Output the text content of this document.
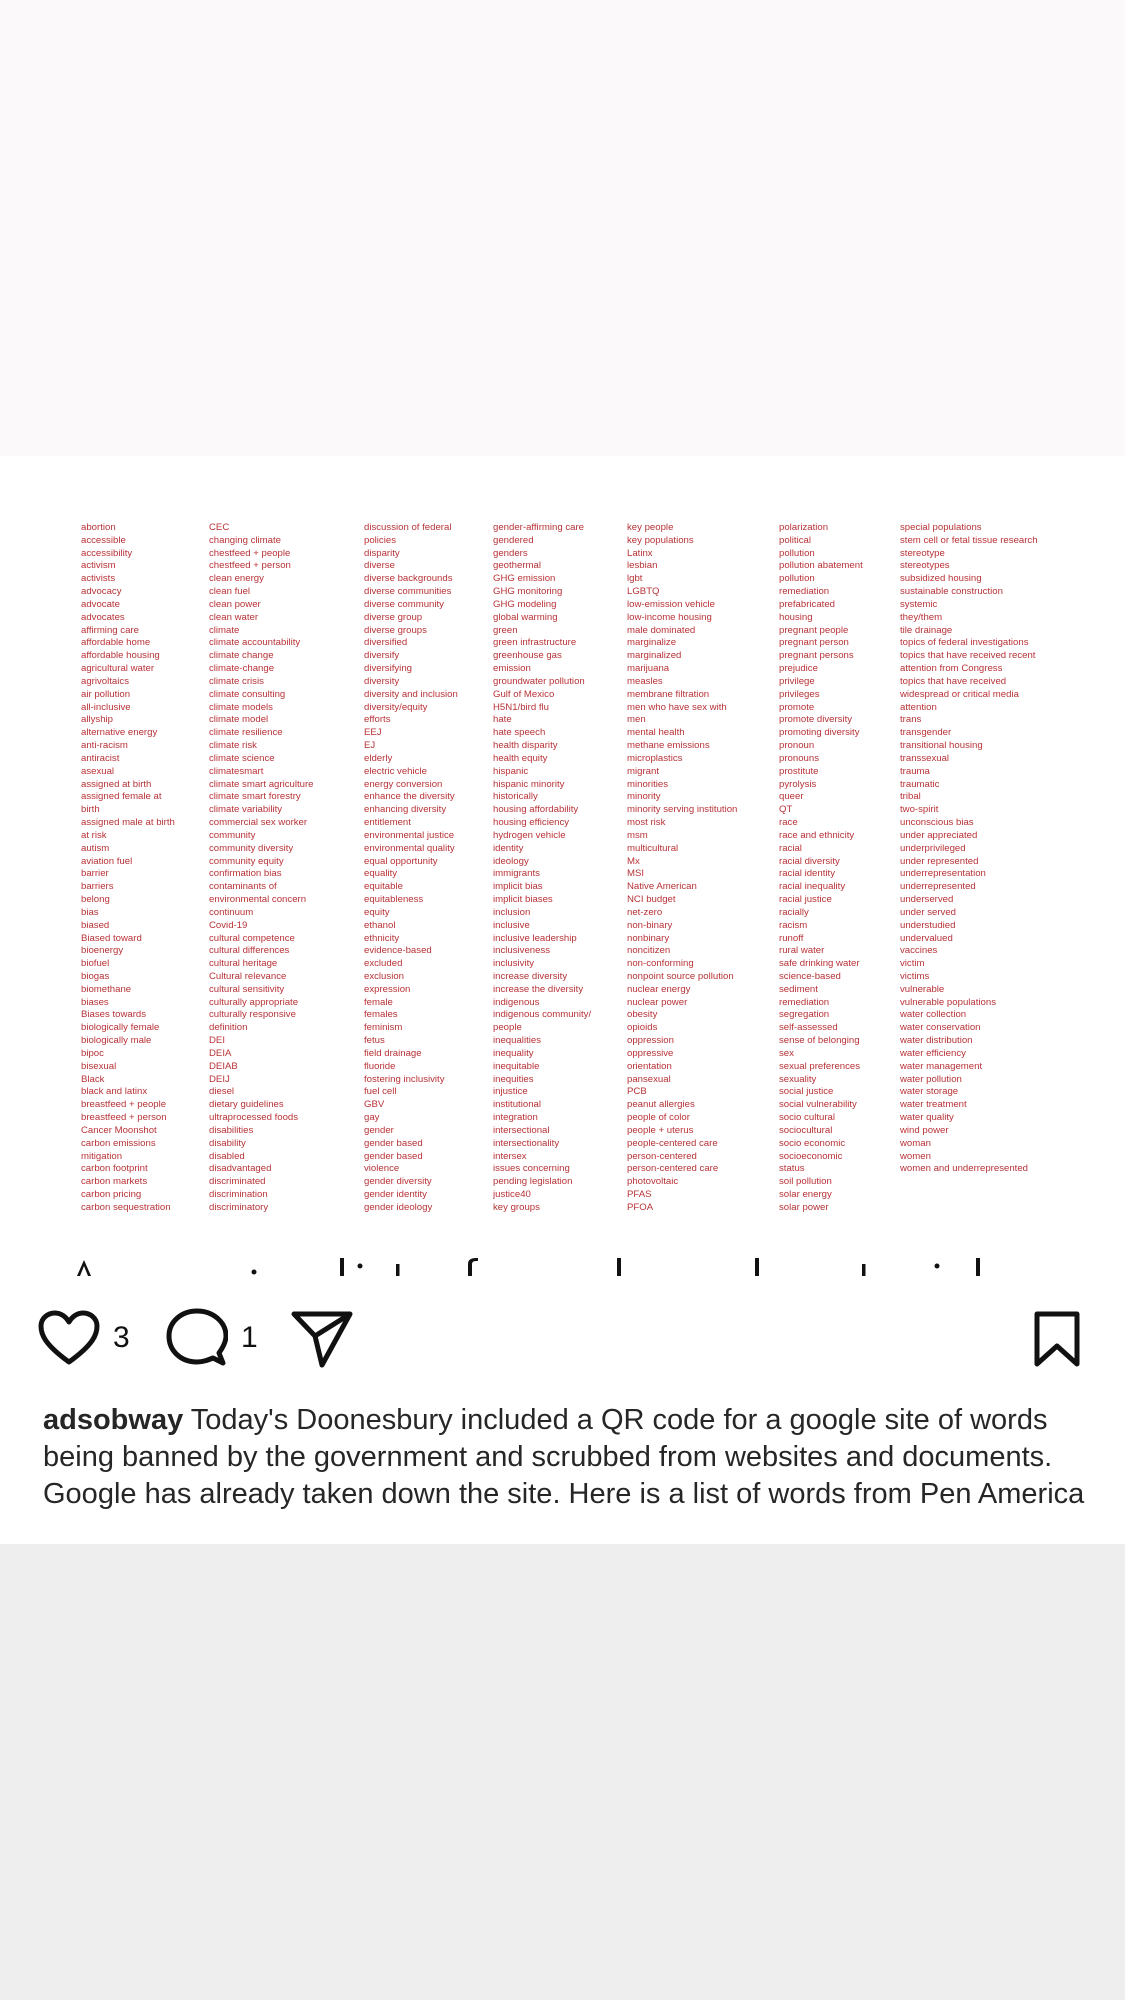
abortion
accessible
accessibility
activism
activists
advocacy
advocate
advocates
affirming care
affordable home
affordable housing
agricultural water
agrivoltaics
air pollution
all-inclusive
allyship
alternative energy
anti-racism
antiracist
asexual
assigned at birth
assigned female at
birth
assigned male at birth
at risk
autism
aviation fuel
barrier
barriers
belong
bias
biased
Biased toward
bioenergy
biofuel
biogas
biomethane
biases
Biases towards
biologically female
biologically male
bipoc
bisexual
Black
black and latinx
breastfeed + people
breastfeed + person
Cancer Moonshot
carbon emissions
mitigation
carbon footprint
carbon markets
carbon pricing
carbon sequestration
CEC
changing climate
chestfeed + people
chestfeed + person
clean energy
clean fuel
clean power
clean water
climate
climate accountability
climate change
climate-change
climate crisis
climate consulting
climate models
climate model
climate resilience
climate risk
climate science
climatesmart
climate smart agriculture
climate smart forestry
climate variability
commercial sex worker
community
community diversity
community equity
confirmation bias
contaminants of
environmental concern
continuum
Covid-19
cultural competence
cultural differences
cultural heritage
Cultural relevance
cultural sensitivity
culturally appropriate
culturally responsive
definition
DEI
DEIA
DEIAB
DEIJ
diesel
dietary guidelines
ultraprocessed foods
disabilities
disability
disabled
disadvantaged
discriminated
discrimination
discriminatory
discussion of federal
policies
disparity
diverse
diverse backgrounds
diverse communities
diverse community
diverse group
diverse groups
diversified
diversify
diversifying
diversity
diversity and inclusion
diversity/equity
efforts
EEJ
EJ
elderly
electric vehicle
energy conversion
enhance the diversity
enhancing diversity
entitlement
environmental justice
environmental quality
equal opportunity
equality
equitable
equitableness
equity
ethanol
ethnicity
evidence-based
excluded
exclusion
expression
female
females
feminism
fetus
field drainage
fluoride
fostering inclusivity
fuel cell
GBV
gay
gender
gender based
gender based
violence
gender diversity
gender identity
gender ideology
gender-affirming care
gendered
genders
geothermal
GHG emission
GHG monitoring
GHG modeling
global warming
green
green infrastructure
greenhouse gas
emission
groundwater pollution
Gulf of Mexico
H5N1/bird flu
hate
hate speech
health disparity
health equity
hispanic
hispanic minority
historically
housing affordability
housing efficiency
hydrogen vehicle
identity
ideology
immigrants
implicit bias
implicit biases
inclusion
inclusive
inclusive leadership
inclusiveness
inclusivity
increase diversity
increase the diversity
indigenous
indigenous community/
people
inequalities
inequality
inequitable
inequities
injustice
institutional
integration
intersectional
intersectionality
intersex
issues concerning
pending legislation
justice40
key groups
key people
key populations
Latinx
lesbian
lgbt
LGBTQ
low-emission vehicle
low-income housing
male dominated
marginalize
marginalized
marijuana
measles
membrane filtration
men who have sex with
men
mental health
methane emissions
microplastics
migrant
minorities
minority
minority serving institution
most risk
msm
multicultural
Mx
MSI
Native American
NCI budget
net-zero
non-binary
nonbinary
noncitizen
non-conforming
nonpoint source pollution
nuclear energy
nuclear power
obesity
opioids
oppression
oppressive
orientation
pansexual
PCB
peanut allergies
people of color
people + uterus
people-centered care
person-centered
person-centered care
photovoltaic
PFAS
PFOA
polarization
political
pollution
pollution abatement
pollution
remediation
prefabricated
housing
pregnant people
pregnant person
pregnant persons
prejudice
privilege
privileges
promote
promote diversity
promoting diversity
pronoun
pronouns
prostitute
pyrolysis
queer
QT
race
race and ethnicity
racial
racial diversity
racial identity
racial inequality
racial justice
racially
racism
runoff
rural water
safe drinking water
science-based
sediment
remediation
segregation
self-assessed
sense of belonging
sex
sexual preferences
sexuality
social justice
social vulnerability
socio cultural
sociocultural
socio economic
socioeconomic
status
soil pollution
solar energy
solar power
special populations
stem cell or fetal tissue research
stereotype
stereotypes
subsidized housing
sustainable construction
systemic
they/them
tile drainage
topics of federal investigations
topics that have received recent
attention from Congress
topics that have received
widespread or critical media
attention
trans
transgender
transitional housing
transsexual
trauma
traumatic
tribal
two-spirit
unconscious bias
under appreciated
underprivileged
under represented
underrepresentation
underrepresented
underserved
under served
understudied
undervalued
vaccines
victim
victims
vulnerable
vulnerable populations
water collection
water conservation
water distribution
water efficiency
water management
water pollution
water storage
water treatment
water quality
wind power
woman
women
women and underrepresented
3	1

adsobway Today's Doonesbury included a QR code for a google site of words being banned by the government and scrubbed from websites and documents. Google has already taken down the site. Here is a list of words from Pen America
